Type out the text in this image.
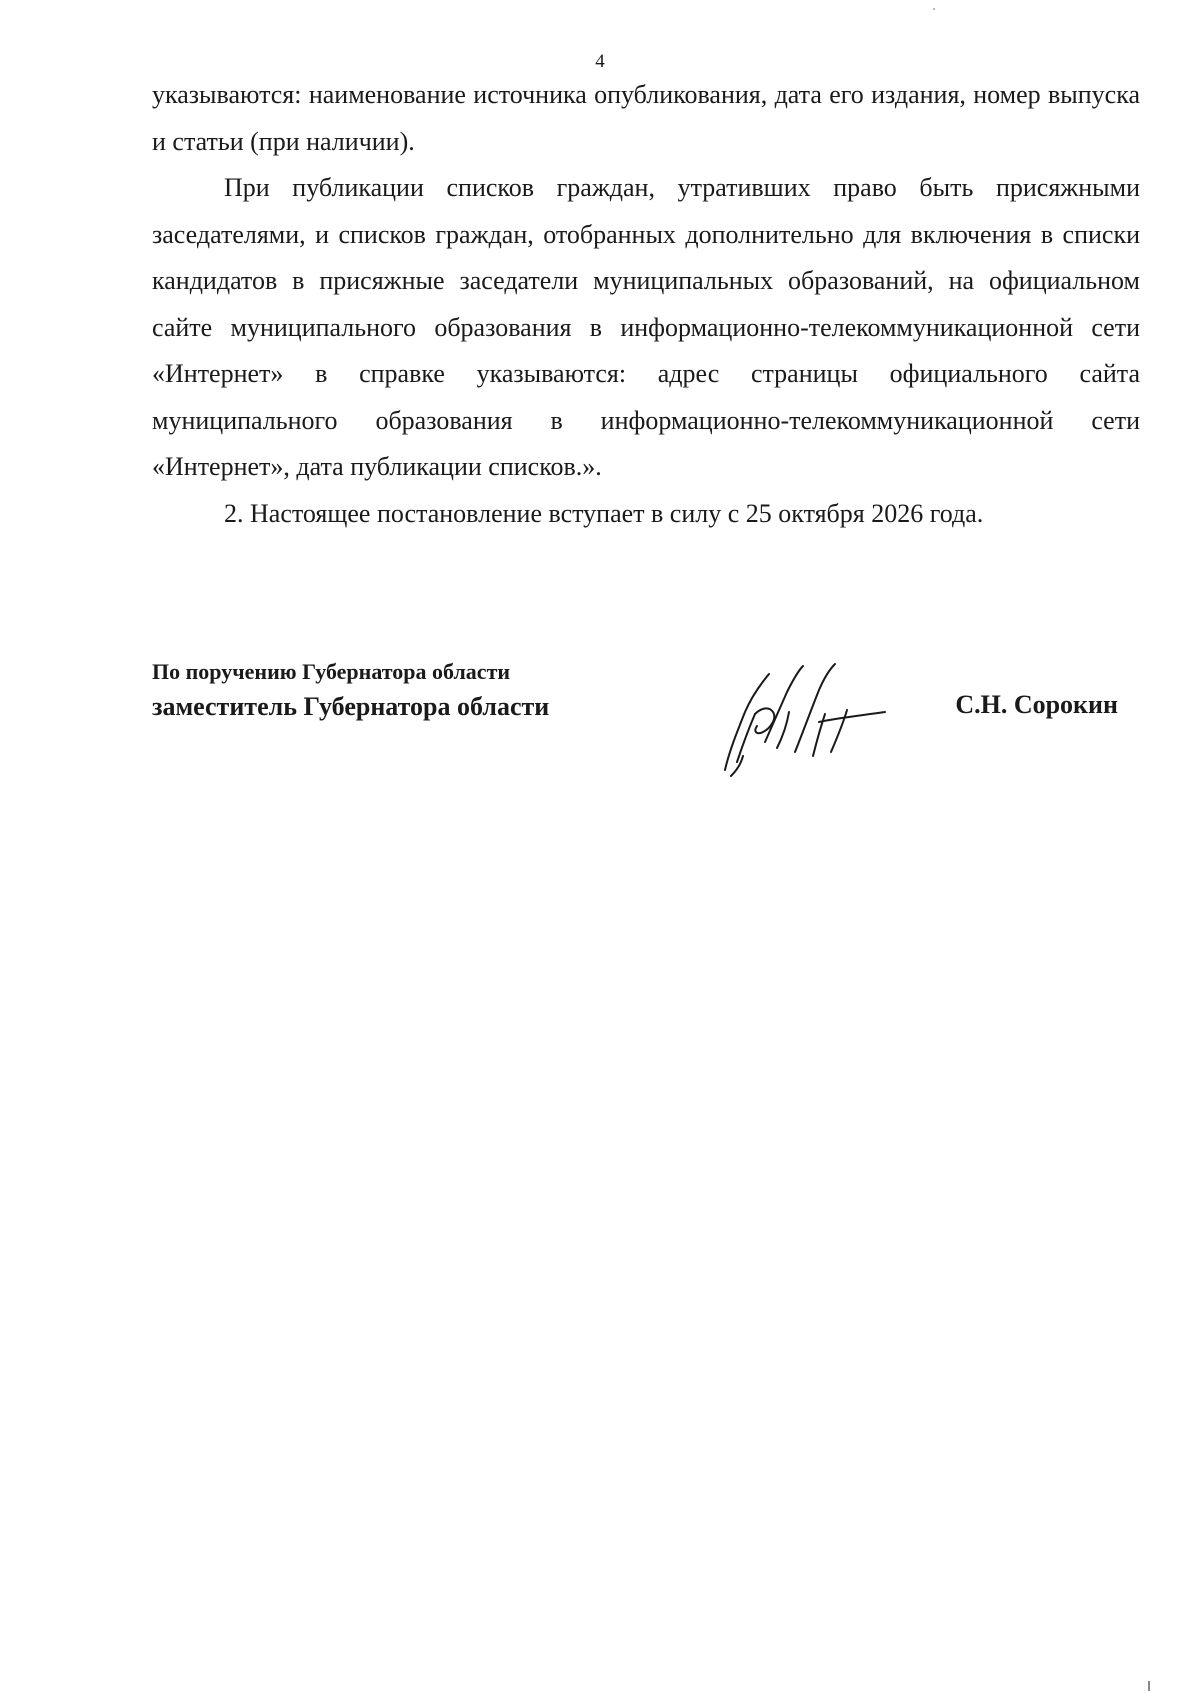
4

указываются: наименование источника опубликования, дата его издания, номер выпуска и статьи (при наличии).

При публикации списков граждан, утративших право быть присяжными заседателями, и списков граждан, отобранных дополнительно для включения в списки кандидатов в присяжные заседатели муниципальных образований, на официальном сайте муниципального образования в информационно-телекоммуникационной сети «Интернет» в справке указываются: адрес страницы официального сайта муниципального образования в информационно-телекоммуникационной сети «Интернет», дата публикации списков.».

2. Настоящее постановление вступает в силу с 25 октября 2026 года.

По поручению Губернатора области
заместитель Губернатора области	С.Н. Сорокин
